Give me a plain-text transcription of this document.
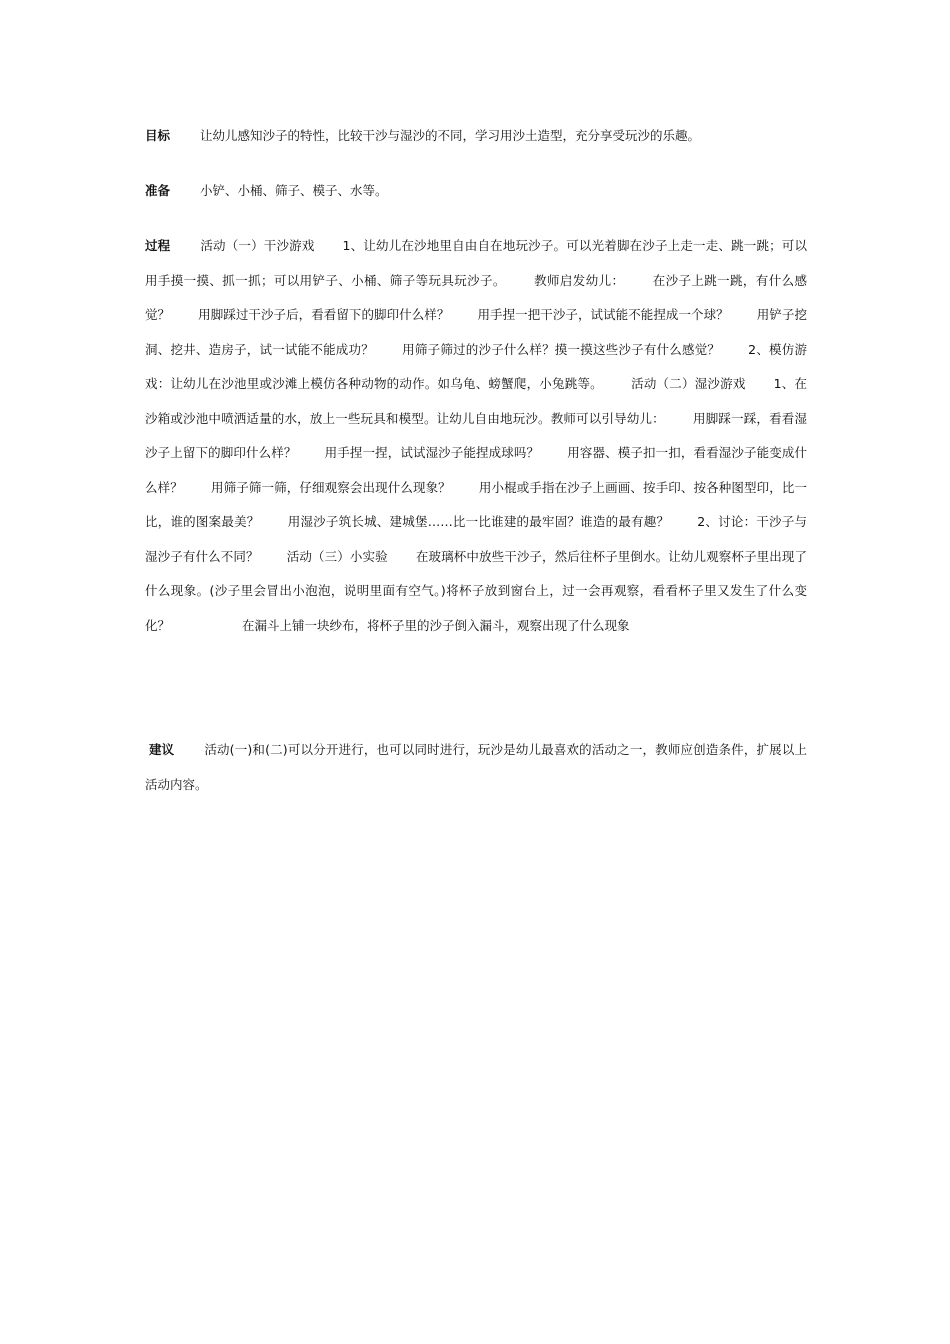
目标 让幼儿感知沙子的特性，比较干沙与湿沙的不同，学习用沙土造型，充分享受玩沙的乐趣。
准备 小铲、小桶、筛子、模子、水等。
过程 活动（一）干沙游戏 1、让幼儿在沙地里自由自在地玩沙子。可以光着脚在沙子上走一走、跳一跳；可以用手摸一摸、抓一抓；可以用铲子、小桶、筛子等玩具玩沙子。 教师启发幼儿： 在沙子上跳一跳，有什么感觉？ 用脚踩过干沙子后，看看留下的脚印什么样？ 用手捏一把干沙子，试试能不能捏成一个球？ 用铲子挖洞、挖井、造房子，试一试能不能成功？ 用筛子筛过的沙子什么样？摸一摸这些沙子有什么感觉？ 2、模仿游戏：让幼儿在沙池里或沙滩上模仿各种动物的动作。如乌龟、螃蟹爬，小兔跳等。 活动（二）湿沙游戏 1、在沙箱或沙池中喷洒适量的水，放上一些玩具和模型。让幼儿自由地玩沙。教师可以引导幼儿： 用脚踩一踩，看看湿沙子上留下的脚印什么样？ 用手捏一捏，试试湿沙子能捏成球吗？ 用容器、模子扣一扣，看看湿沙子能变成什么样？ 用筛子筛一筛，仔细观察会出现什么现象？ 用小棍或手指在沙子上画画、按手印、按各种图型印，比一比，谁的图案最美？ 用湿沙子筑长城、建城堡……比一比谁建的最牢固？谁造的最有趣？ 2、讨论：干沙子与湿沙子有什么不同？ 活动（三）小实验 在玻璃杯中放些干沙子，然后往杯子里倒水。让幼儿观察杯子里出现了什么现象。(沙子里会冒出小泡泡，说明里面有空气。)将杯子放到窗台上，过一会再观察，看看杯子里又发生了什么变化？	在漏斗上铺一块纱布，将杯子里的沙子倒入漏斗，观察出现了什么现象
建议 活动(一)和(二)可以分开进行，也可以同时进行，玩沙是幼儿最喜欢的活动之一，教师应创造条件，扩展以上活动内容。
